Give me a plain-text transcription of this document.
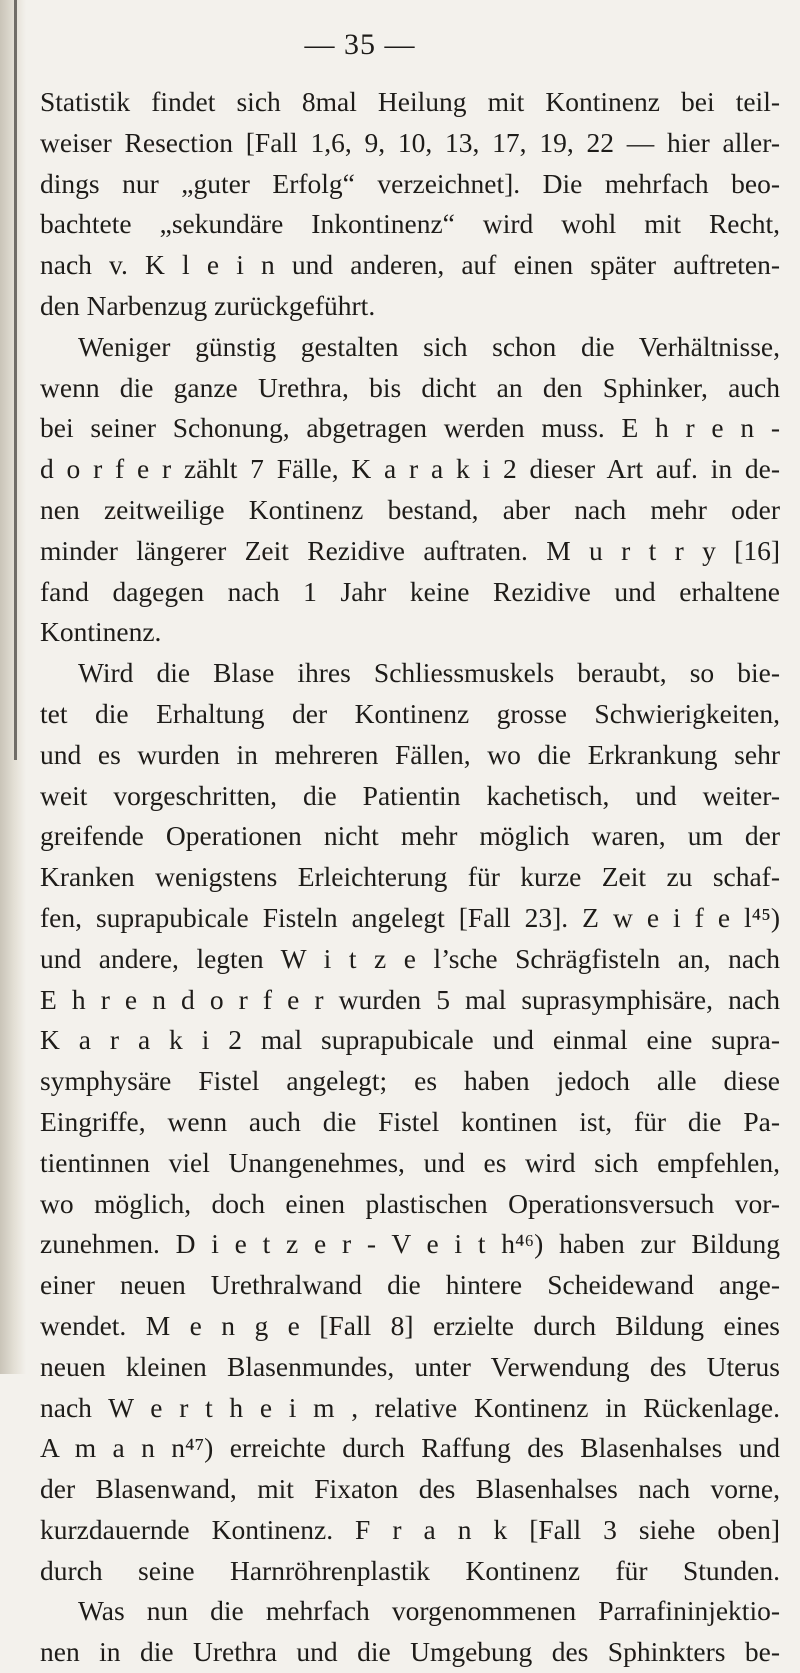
— 35 —
Statistik findet sich 8mal Heilung mit Kontinenz bei teil-
weiser Resection [Fall 1,6, 9, 10, 13, 17, 19, 22 — hier aller-
dings nur „guter Erfolg“ verzeichnet]. Die mehrfach beo-
bachtete „sekundäre Inkontinenz“ wird wohl mit Recht,
nach v. K l e i n und anderen, auf einen später auftreten-
den Narbenzug zurückgeführt.
Weniger günstig gestalten sich schon die Verhältnisse,
wenn die ganze Urethra, bis dicht an den Sphinker, auch
bei seiner Schonung, abgetragen werden muss. E h r e n -
d o r f e r zählt 7 Fälle, K a r a k i 2 dieser Art auf. in de-
nen zeitweilige Kontinenz bestand, aber nach mehr oder
minder längerer Zeit Rezidive auftraten. M u r t r y [16]
fand dagegen nach 1 Jahr keine Rezidive und erhaltene
Kontinenz.
Wird die Blase ihres Schliessmuskels beraubt, so bie-
tet die Erhaltung der Kontinenz grosse Schwierigkeiten,
und es wurden in mehreren Fällen, wo die Erkrankung sehr
weit vorgeschritten, die Patientin kachetisch, und weiter-
greifende Operationen nicht mehr möglich waren, um der
Kranken wenigstens Erleichterung für kurze Zeit zu schaf-
fen, suprapubicale Fisteln angelegt [Fall 23]. Z w e i f e l⁴⁵)
und andere, legten W i t z e l’sche Schrägfisteln an, nach
E h r e n d o r f e r wurden 5 mal suprasymphisäre, nach
K a r a k i 2 mal suprapubicale und einmal eine supra-
symphysäre Fistel angelegt; es haben jedoch alle diese
Eingriffe, wenn auch die Fistel kontinen ist, für die Pa-
tientinnen viel Unangenehmes, und es wird sich empfehlen,
wo möglich, doch einen plastischen Operationsversuch vor-
zunehmen. D i e t z e r - V e i t h⁴⁶) haben zur Bildung
einer neuen Urethralwand die hintere Scheidewand ange-
wendet. M e n g e [Fall 8] erzielte durch Bildung eines
neuen kleinen Blasenmundes, unter Verwendung des Uterus
nach W e r t h e i m , relative Kontinenz in Rückenlage.
A m a n n⁴⁷) erreichte durch Raffung des Blasenhalses und
der Blasenwand, mit Fixaton des Blasenhalses nach vorne,
kurzdauernde Kontinenz. F r a n k [Fall 3 siehe oben]
durch seine Harnröhrenplastik Kontinenz für Stunden.
Was nun die mehrfach vorgenommenen Parrafininjektio-
nen in die Urethra und die Umgebung des Sphinkters be-
